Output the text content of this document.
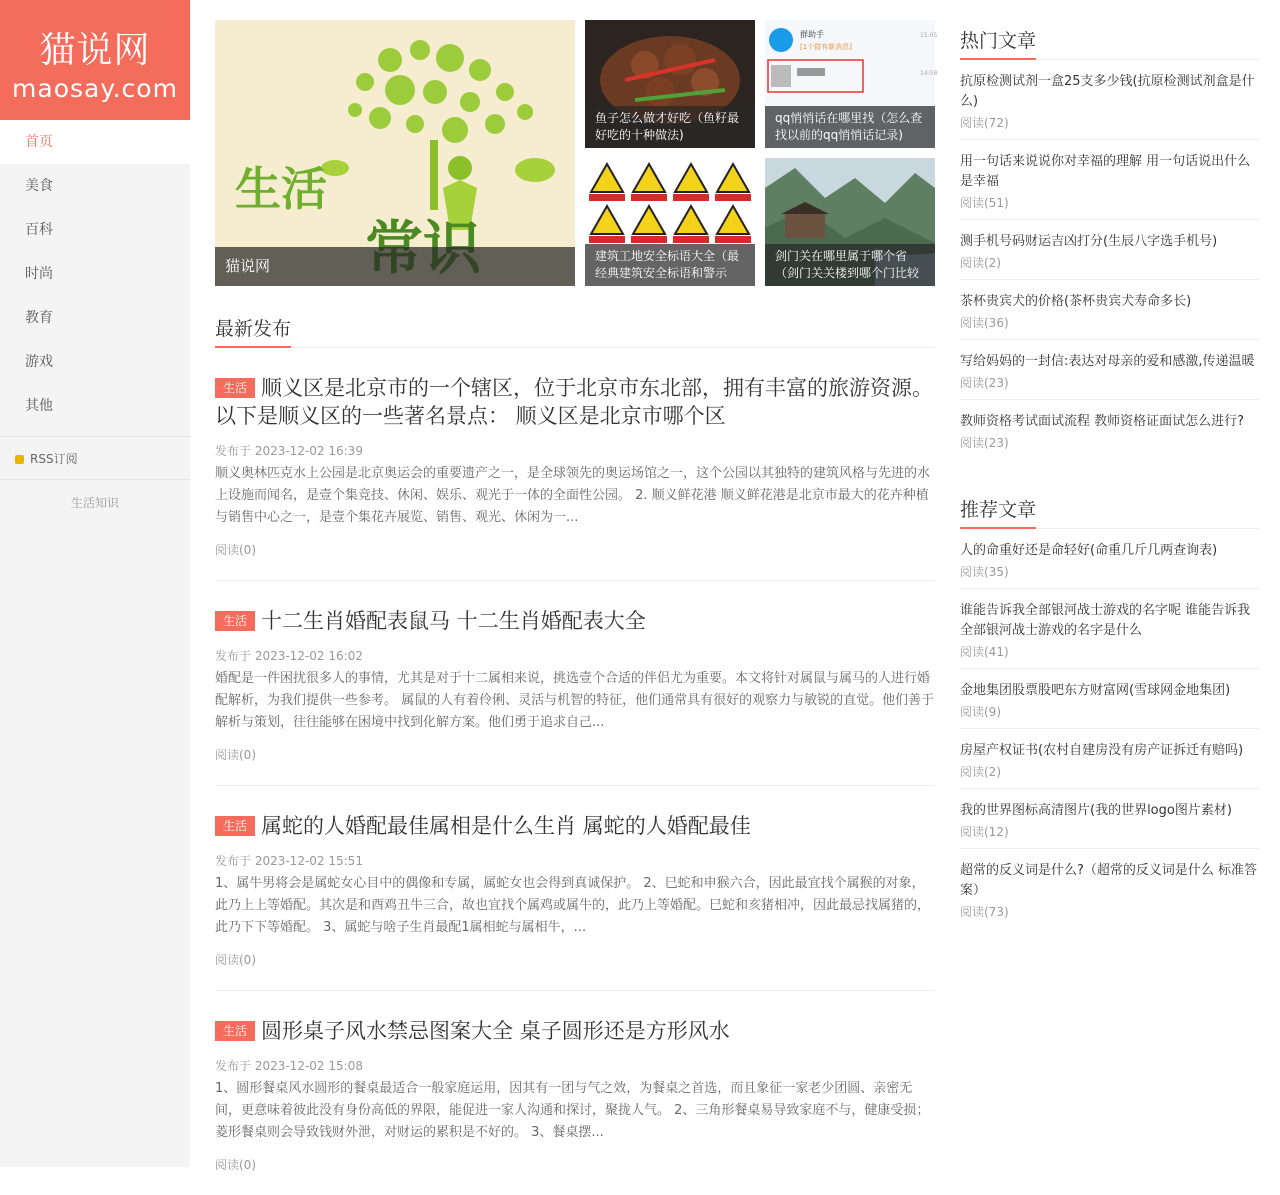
猫说网
maosay.com
首页
美食
百科
时尚
教育
游戏
其他
RSS订阅
生活知识
生活
猫说网
鱼子怎么做才好吃（鱼籽最好吃的十种做法)
群助手
[1个群有新消息]
15:05
14:58
qq悄悄话在哪里找（怎么查找以前的qq悄悄话记录)
建筑工地安全标语大全（最经典建筑安全标语和警示
剑门关在哪里属于哪个省（剑门关关楼到哪个门比较
最新发布
生活 顺义区是北京市的一个辖区，位于北京市东北部，拥有丰富的旅游资源。以下是顺义区的一些著名景点： 顺义区是北京市哪个区
发布于 2023-12-02 16:39
顺义奥林匹克水上公园是北京奥运会的重要遗产之一，是全球领先的奥运场馆之一，这个公园以其独特的建筑风格与先进的水上设施而闻名，是壹个集竞技、休闲、娱乐、观光于一体的全面性公园。 2. 顺义鲜花港 顺义鲜花港是北京市最大的花卉种植与销售中心之一，是壹个集花卉展览、销售、观光、休闲为一...
阅读(0)
生活 十二生肖婚配表鼠马 十二生肖婚配表大全
发布于 2023-12-02 16:02
婚配是一件困扰很多人的事情，尤其是对于十二属相来说，挑选壹个合适的伴侣尤为重要。本文将针对属鼠与属马的人进行婚配解析，为我们提供一些参考。 属鼠的人有着伶俐、灵活与机智的特征，他们通常具有很好的观察力与敏锐的直觉。他们善于解析与策划，往往能够在困境中找到化解方案。他们勇于追求自己...
阅读(0)
生活 属蛇的人婚配最佳属相是什么生肖 属蛇的人婚配最佳
发布于 2023-12-02 15:51
1、属牛男将会是属蛇女心目中的偶像和专属，属蛇女也会得到真诚保护。 2、巳蛇和申猴六合，因此最宜找个属猴的对象，此乃上上等婚配。其次是和酉鸡丑牛三合，故也宜找个属鸡或属牛的，此乃上等婚配。巳蛇和亥猪相冲，因此最忌找属猪的，此乃下下等婚配。 3、属蛇与啥子生肖最配1属相蛇与属相牛，...
阅读(0)
生活 圆形桌子风水禁忌图案大全 桌子圆形还是方形风水
发布于 2023-12-02 15:08
1、圆形餐桌风水圆形的餐桌最适合一般家庭运用，因其有一团与气之效，为餐桌之首选，而且象征一家老少团圆、亲密无间，更意味着彼此没有身份高低的界限，能促进一家人沟通和探讨，聚拢人气。 2、三角形餐桌易导致家庭不与，健康受损；菱形餐桌则会导致钱财外泄，对财运的累积是不好的。 3、餐桌摆...
阅读(0)
热门文章
抗原检测试剂一盒25支多少钱(抗原检测试剂盒是什么)
阅读(72)
用一句话来说说你对幸福的理解 用一句话说出什么是幸福
阅读(51)
测手机号码财运吉凶打分(生辰八字选手机号)
阅读(2)
茶杯贵宾犬的价格(茶杯贵宾犬寿命多长)
阅读(36)
写给妈妈的一封信:表达对母亲的爱和感激,传递温暖
阅读(23)
教师资格考试面试流程 教师资格证面试怎么进行?
阅读(23)
推荐文章
人的命重好还是命轻好(命重几斤几两查询表)
阅读(35)
谁能告诉我全部银河战士游戏的名字呢 谁能告诉我全部银河战士游戏的名字是什么
阅读(41)
金地集团股票股吧东方财富网(雪球网金地集团)
阅读(9)
房屋产权证书(农村自建房没有房产证拆迁有赔吗)
阅读(2)
我的世界图标高清图片(我的世界logo图片素材)
阅读(12)
超常的反义词是什么?（超常的反义词是什么 标准答案）
阅读(73)
